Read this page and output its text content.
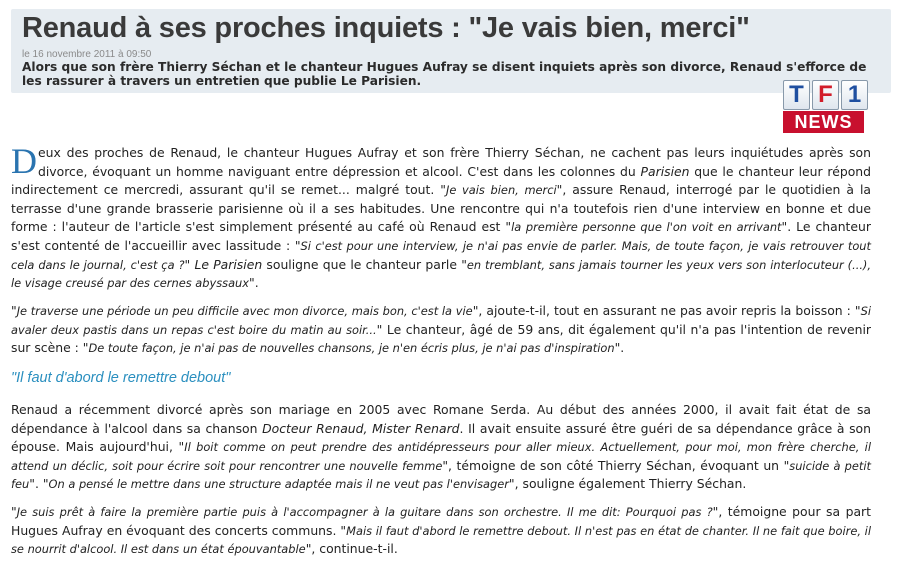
Renaud à ses proches inquiets : "Je vais bien, merci"
le 16 novembre 2011 à 09:50
Alors que son frère Thierry Séchan et le chanteur Hugues Aufray se disent inquiets après son divorce, Renaud s'efforce de les rassurer à travers un entretien que publie Le Parisien.	T F 1
NEWS
Deux des proches de Renaud, le chanteur Hugues Aufray et son frère Thierry Séchan, ne cachent pas leurs inquiétudes après son divorce, évoquant un homme naviguant entre dépression et alcool. C'est dans les colonnes du Parisien que le chanteur leur répond indirectement ce mercredi, assurant qu'il se remet... malgré tout. "Je vais bien, merci", assure Renaud, interrogé par le quotidien à la terrasse d'une grande brasserie parisienne où il a ses habitudes. Une rencontre qui n'a toutefois rien d'une interview en bonne et due forme : l'auteur de l'article s'est simplement présenté au café où Renaud est "la première personne que l'on voit en arrivant". Le chanteur s'est contenté de l'accueillir avec lassitude : "Si c'est pour une interview, je n'ai pas envie de parler. Mais, de toute façon, je vais retrouver tout cela dans le journal, c'est ça ?" Le Parisien souligne que le chanteur parle "en tremblant, sans jamais tourner les yeux vers son interlocuteur (...), le visage creusé par des cernes abyssaux".
"Je traverse une période un peu difficile avec mon divorce, mais bon, c'est la vie", ajoute-t-il, tout en assurant ne pas avoir repris la boisson : "Si avaler deux pastis dans un repas c'est boire du matin au soir..." Le chanteur, âgé de 59 ans, dit également qu'il n'a pas l'intention de revenir sur scène : "De toute façon, je n'ai pas de nouvelles chansons, je n'en écris plus, je n'ai pas d'inspiration".
"Il faut d'abord le remettre debout"
Renaud a récemment divorcé après son mariage en 2005 avec Romane Serda. Au début des années 2000, il avait fait état de sa dépendance à l'alcool dans sa chanson Docteur Renaud, Mister Renard. Il avait ensuite assuré être guéri de sa dépendance grâce à son épouse. Mais aujourd'hui, "Il boit comme on peut prendre des antidépresseurs pour aller mieux. Actuellement, pour moi, mon frère cherche, il attend un déclic, soit pour écrire soit pour rencontrer une nouvelle femme", témoigne de son côté Thierry Séchan, évoquant un "suicide à petit feu". "On a pensé le mettre dans une structure adaptée mais il ne veut pas l'envisager", souligne également Thierry Séchan.
"Je suis prêt à faire la première partie puis à l'accompagner à la guitare dans son orchestre. Il me dit: Pourquoi pas ?", témoigne pour sa part Hugues Aufray en évoquant des concerts communs. "Mais il faut d'abord le remettre debout. Il n'est pas en état de chanter. Il ne fait que boire, il se nourrit d'alcool. Il est dans un état épouvantable", continue-t-il.
